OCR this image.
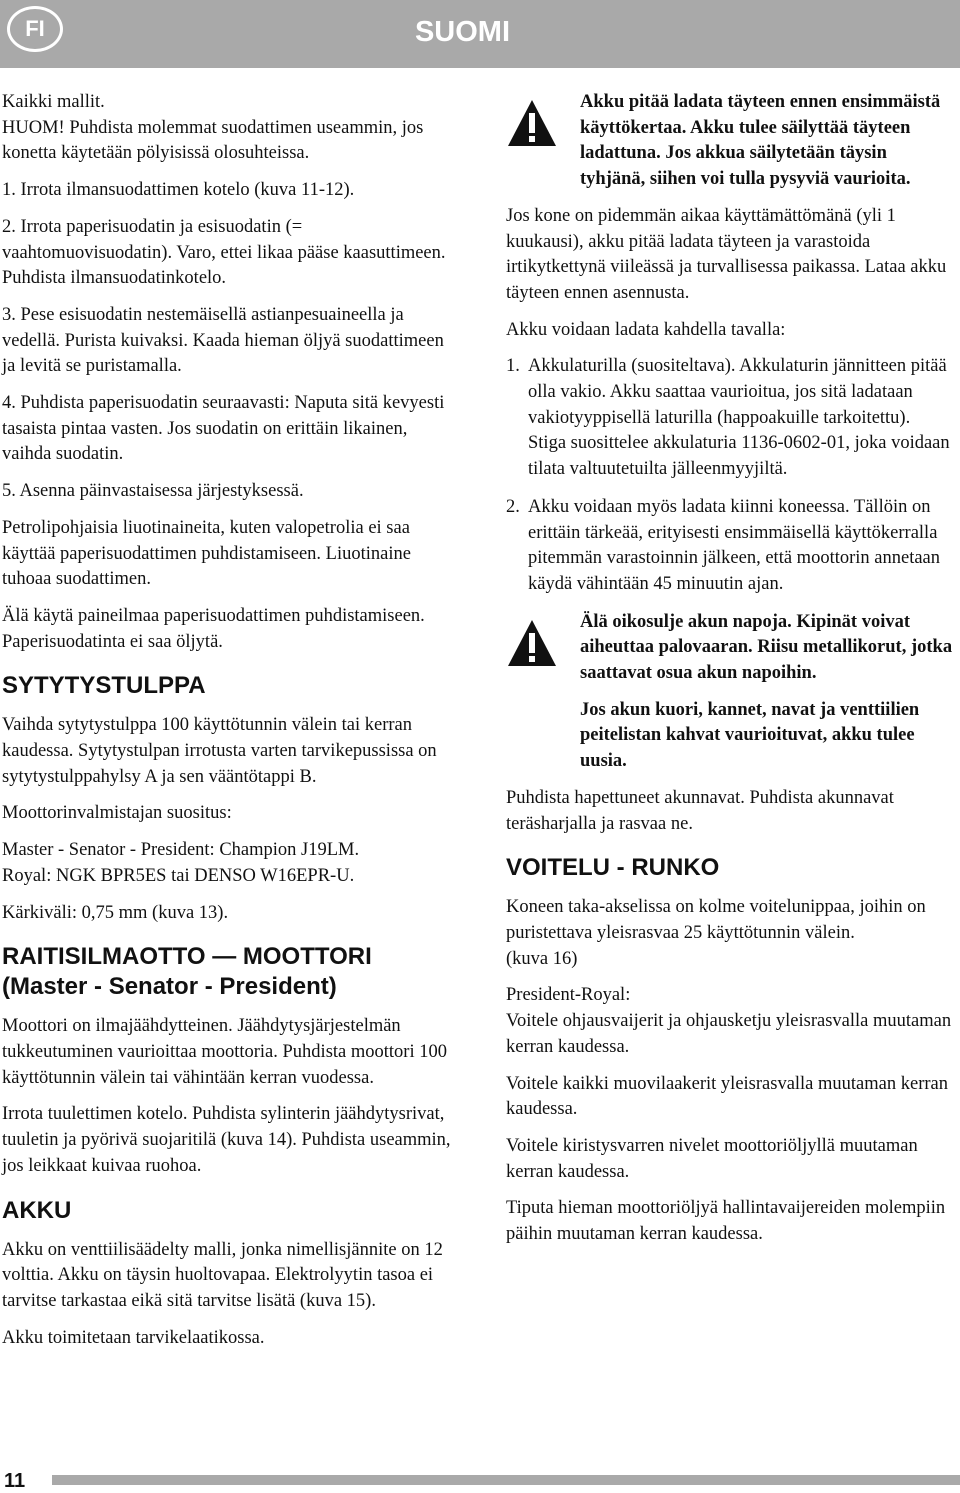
FI	SUOMI

Kaikki mallit.

HUOM! Puhdista molemmat suodattimen useammin, jos konetta käytetään pölyisissä olosuhteissa.

1. Irrota ilmansuodattimen kotelo (kuva 11-12).

2. Irrota paperisuodatin ja esisuodatin (= vaahtomuovisuodatin). Varo, ettei likaa pääse kaasuttimeen. Puhdista ilmansuodatinkotelo.

3. Pese esisuodatin nestemäisellä astianpesuaineella ja vedellä. Purista kuivaksi. Kaada hieman öljyä suodattimeen ja levitä se puristamalla.

4. Puhdista paperisuodatin seuraavasti: Naputa sitä kevyesti tasaista pintaa vasten. Jos suodatin on erittäin likainen, vaihda suodatin.

5. Asenna päinvastaisessa järjestyksessä.

Petrolipohjaisia liuotinaineita, kuten valopetrolia ei saa käyttää paperisuodattimen puhdistamiseen. Liuotinaine tuhoaa suodattimen.

Älä käytä paineilmaa paperisuodattimen puhdistamiseen. Paperisuodatinta ei saa öljytä.

SYTYTYSTULPPA

Vaihda sytytystulppa 100 käyttötunnin välein tai kerran kaudessa. Sytytystulpan irrotusta varten tarvikepussissa on sytytystulppahylsy A ja sen vääntötappi B.

Moottorinvalmistajan suositus:

Master - Senator - President: Champion J19LM.
Royal: NGK BPR5ES tai DENSO W16EPR-U.

Kärkiväli: 0,75 mm (kuva 13).

RAITISILMAOTTO — MOOTTORI (Master - Senator - President)

Moottori on ilmajäähdytteinen. Jäähdytysjärjestelmän tukkeutuminen vaurioittaa moottoria. Puhdista moottori 100 käyttötunnin välein tai vähintään kerran vuodessa.

Irrota tuulettimen kotelo. Puhdista sylinterin jäähdytysrivat, tuuletin ja pyörivä suojaritilä (kuva 14). Puhdista useammin, jos leikkaat kuivaa ruohoa.

AKKU

Akku on venttiilisäädelty malli, jonka nimellisjännite on 12 volttia. Akku on täysin huoltovapaa. Elektrolyytin tasoa ei tarvitse tarkastaa eikä sitä tarvitse lisätä (kuva 15).

Akku toimitetaan tarvikelaatikossa.

Akku pitää ladata täyteen ennen ensimmäistä käyttökertaa. Akku tulee säilyttää täyteen ladattuna. Jos akkua säilytetään täysin tyhjänä, siihen voi tulla pysyviä vaurioita.

Jos kone on pidemmän aikaa käyttämättömänä (yli 1 kuukausi), akku pitää ladata täyteen ja varastoida irtikytkettynä viileässä ja turvallisessa paikassa. Lataa akku täyteen ennen asennusta.

Akku voidaan ladata kahdella tavalla:

1. Akkulaturilla (suositeltava). Akkulaturin jännitteen pitää olla vakio. Akku saattaa vaurioitua, jos sitä ladataan vakiotyyppisellä laturilla (happoakuille tarkoitettu).
Stiga suosittelee akkulaturia 1136-0602-01, joka voidaan tilata valtuutetuilta jälleenmyyjiltä.
2. Akku voidaan myös ladata kiinni koneessa. Tällöin on erittäin tärkeää, erityisesti ensimmäisellä käyttökerralla pitemmän varastoinnin jälkeen, että moottorin annetaan käydä vähintään 45 minuutin ajan.

Älä oikosulje akun napoja. Kipinät voivat aiheuttaa palovaaran. Riisu metallikorut, jotka saattavat osua akun napoihin.

Jos akun kuori, kannet, navat ja venttiilien peitelistan kahvat vaurioituvat, akku tulee uusia.

Puhdista hapettuneet akunnavat. Puhdista akunnavat teräsharjalla ja rasvaa ne.

VOITELU - RUNKO

Koneen taka-akselissa on kolme voitelunippaa, joihin on puristettava yleisrasvaa 25 käyttötunnin välein.
(kuva 16)

President-Royal:
Voitele ohjausvaijerit ja ohjausketju yleisrasvalla muutaman kerran kaudessa.

Voitele kaikki muovilaakerit yleisrasvalla muutaman kerran kaudessa.

Voitele kiristysvarren nivelet moottoriöljyllä muutaman kerran kaudessa.

Tiputa hieman moottoriöljyä hallintavaijereiden molempiin päihin muutaman kerran kaudessa.

11
